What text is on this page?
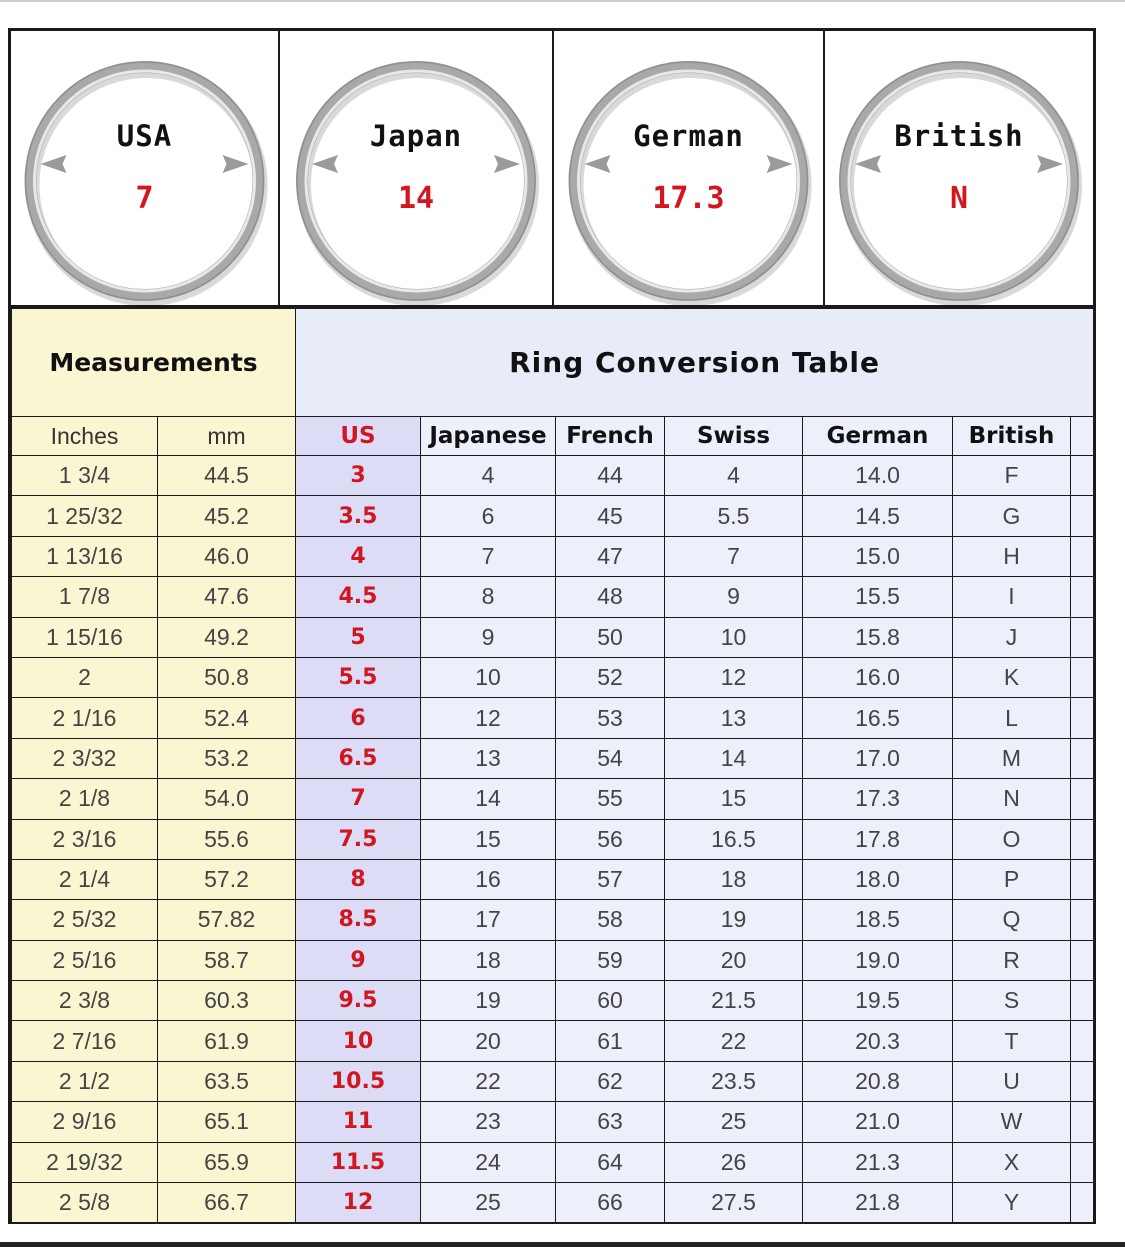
USA
7
Japan
14
German
17.3
British
N
Measurements		Ring Conversion Table						
Inches	mm	US	Japanese	French	Swiss	German	British	
1 3/4	44.5	3	4	44	4	14.0	F	
1 25/32	45.2	3.5	6	45	5.5	14.5	G	
1 13/16	46.0	4	7	47	7	15.0	H	
1 7/8	47.6	4.5	8	48	9	15.5	I	
1 15/16	49.2	5	9	50	10	15.8	J	
2	50.8	5.5	10	52	12	16.0	K	
2 1/16	52.4	6	12	53	13	16.5	L	
2 3/32	53.2	6.5	13	54	14	17.0	M	
2 1/8	54.0	7	14	55	15	17.3	N	
2 3/16	55.6	7.5	15	56	16.5	17.8	O	
2 1/4	57.2	8	16	57	18	18.0	P	
2 5/32	57.82	8.5	17	58	19	18.5	Q	
2 5/16	58.7	9	18	59	20	19.0	R	
2 3/8	60.3	9.5	19	60	21.5	19.5	S	
2 7/16	61.9	10	20	61	22	20.3	T	
2 1/2	63.5	10.5	22	62	23.5	20.8	U	
2 9/16	65.1	11	23	63	25	21.0	W	
2 19/32	65.9	11.5	24	64	26	21.3	X	
2 5/8	66.7	12	25	66	27.5	21.8	Y	
